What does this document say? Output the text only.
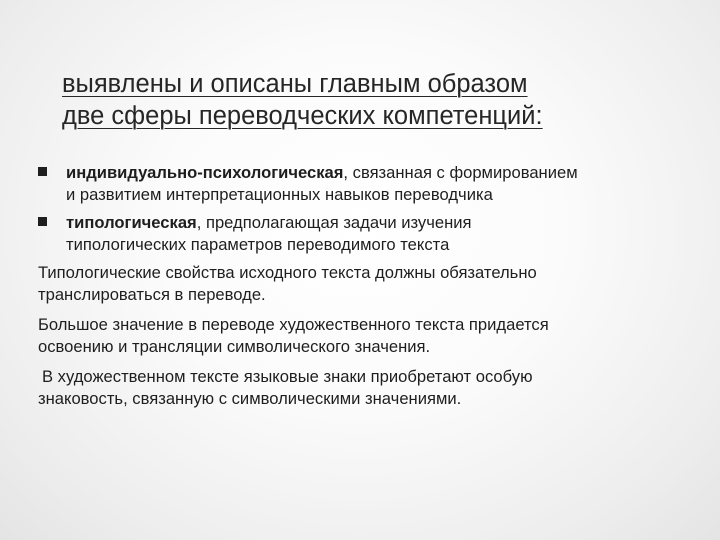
выявлены и описаны главным образом
две сферы переводческих компетенций:
индивидуально-психологическая, связанная с формированием
и развитием интерпретационных навыков переводчика
типологическая, предполагающая задачи изучения
типологических параметров переводимого текста
Типологические свойства исходного текста должны обязательно
транслироваться в переводе.
Большое значение в переводе художественного текста придается
освоению и трансляции символического значения.
В художественном тексте языковые знаки приобретают особую
знаковость, связанную с символическими значениями.
